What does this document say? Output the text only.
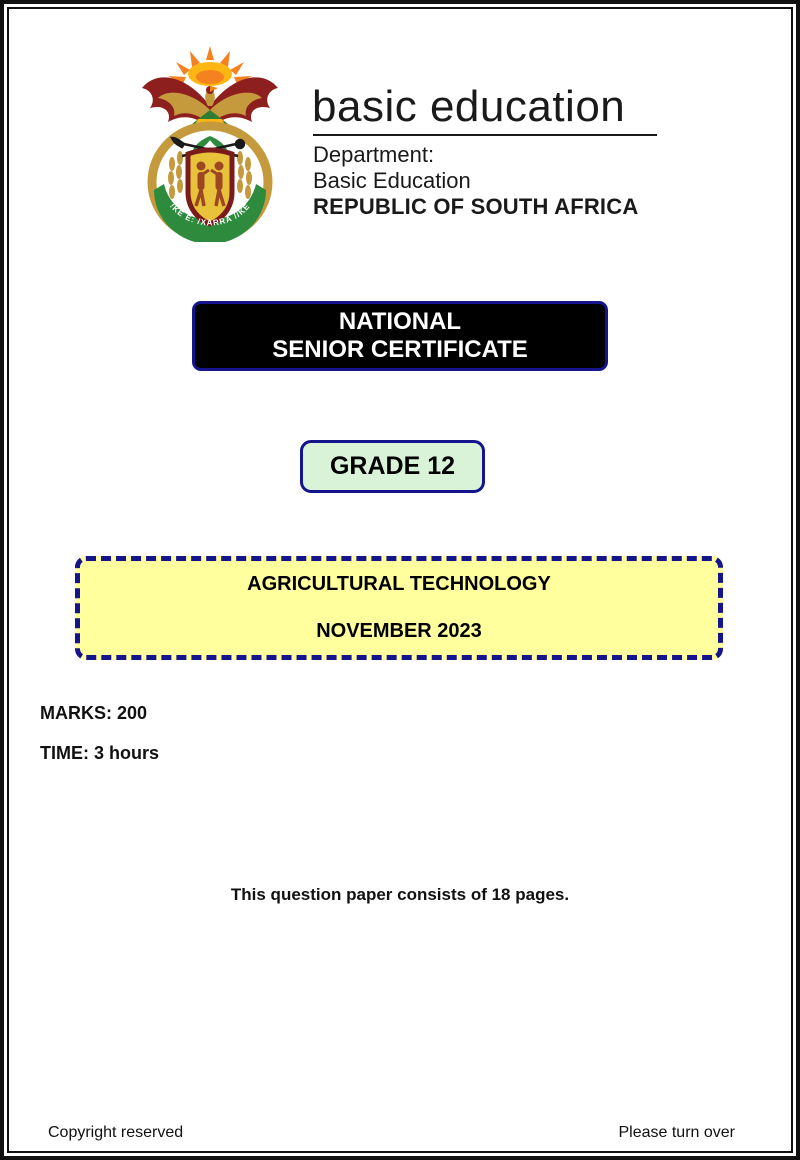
!KE E: /XARRA //KE
basic education
Department:
Basic Education
REPUBLIC OF SOUTH AFRICA
NATIONAL
SENIOR CERTIFICATE
GRADE 12
AGRICULTURAL TECHNOLOGY
NOVEMBER 2023
MARKS: 200
TIME: 3 hours
This question paper consists of 18 pages.
Copyright reserved	Please turn over
